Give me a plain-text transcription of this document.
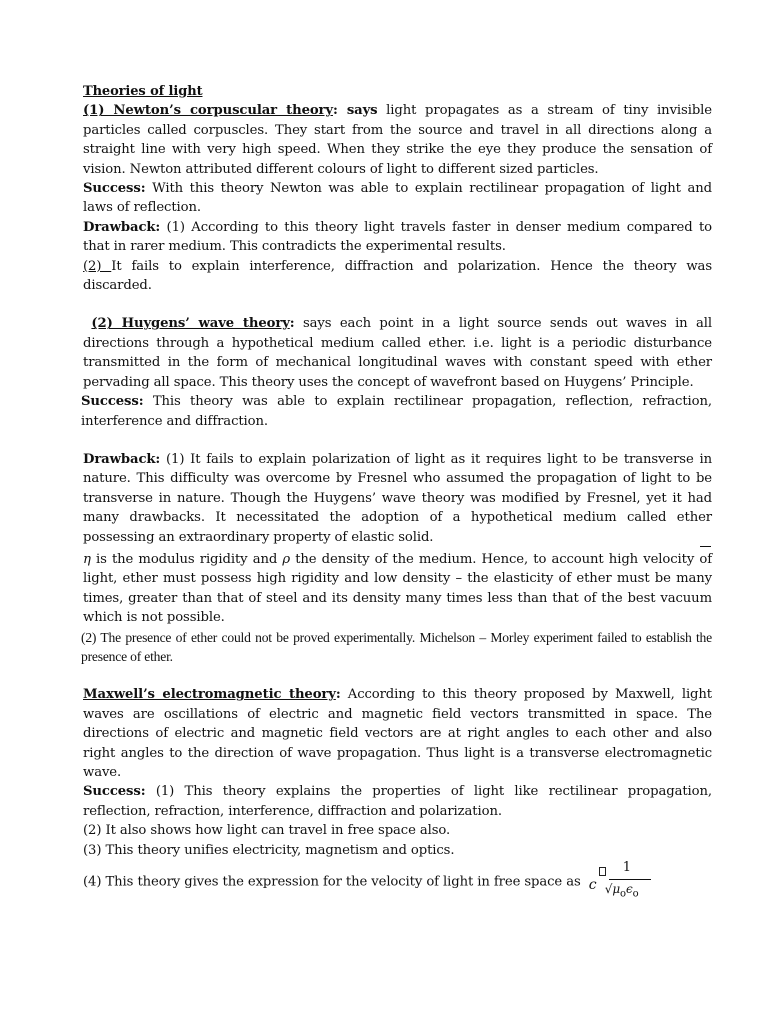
Theories of light

(1) Newton’s corpuscular theory: says light propagates as a stream of tiny invisible particles called corpuscles. They start from the source and travel in all directions along a straight line with very high speed. When they strike the eye they produce the sensation of vision. Newton attributed different colours of light to different sized particles.

Success: With this theory Newton was able to explain rectilinear propagation of light and laws of reflection.

Drawback: (1) According to this theory light travels faster in denser medium compared to that in rarer medium. This contradicts the experimental results.

(2) It fails to explain interference, diffraction and polarization. Hence the theory was discarded.

(2) Huygens’ wave theory: says each point in a light source sends out waves in all directions through a hypothetical medium called ether. i.e. light is a periodic disturbance transmitted in the form of mechanical longitudinal waves with constant speed with ether pervading all space. This theory uses the concept of wavefront based on Huygens’ Principle.

Success: This theory was able to explain rectilinear propagation, reflection, refraction, interference and diffraction.

Drawback: (1) It fails to explain polarization of light as it requires light to be transverse in nature. This difficulty was overcome by Fresnel who assumed the propagation of light to be transverse in nature. Though the Huygens’ wave theory was modified by Fresnel, yet it had many drawbacks. It necessitated the adoption of a hypothetical medium called ether possessing an extraordinary property of elastic solid.

η is the modulus rigidity and ρ the density of the medium. Hence, to account high velocity of light, ether must possess high rigidity and low density – the elasticity of ether must be many times, greater than that of steel and its density many times less than that of the best vacuum which is not possible.

(2) The presence of ether could not be proved experimentally. Michelson – Morley experiment failed to establish the presence of ether.

Maxwell’s electromagnetic theory: According to this theory proposed by Maxwell, light waves are oscillations of electric and magnetic field vectors transmitted in space. The directions of electric and magnetic field vectors are at right angles to each other and also right angles to the direction of wave propagation. Thus light is a transverse electromagnetic wave.

Success: (1) This theory explains the properties of light like rectilinear propagation, reflection, refraction, interference, diffraction and polarization.

(2) It also shows how light can travel in free space also.

(3) This theory unifies electricity, magnetism and optics.

(4) This theory gives the expression for the velocity of light in free space as c
1
$√\mu_o\epsilon_o$
